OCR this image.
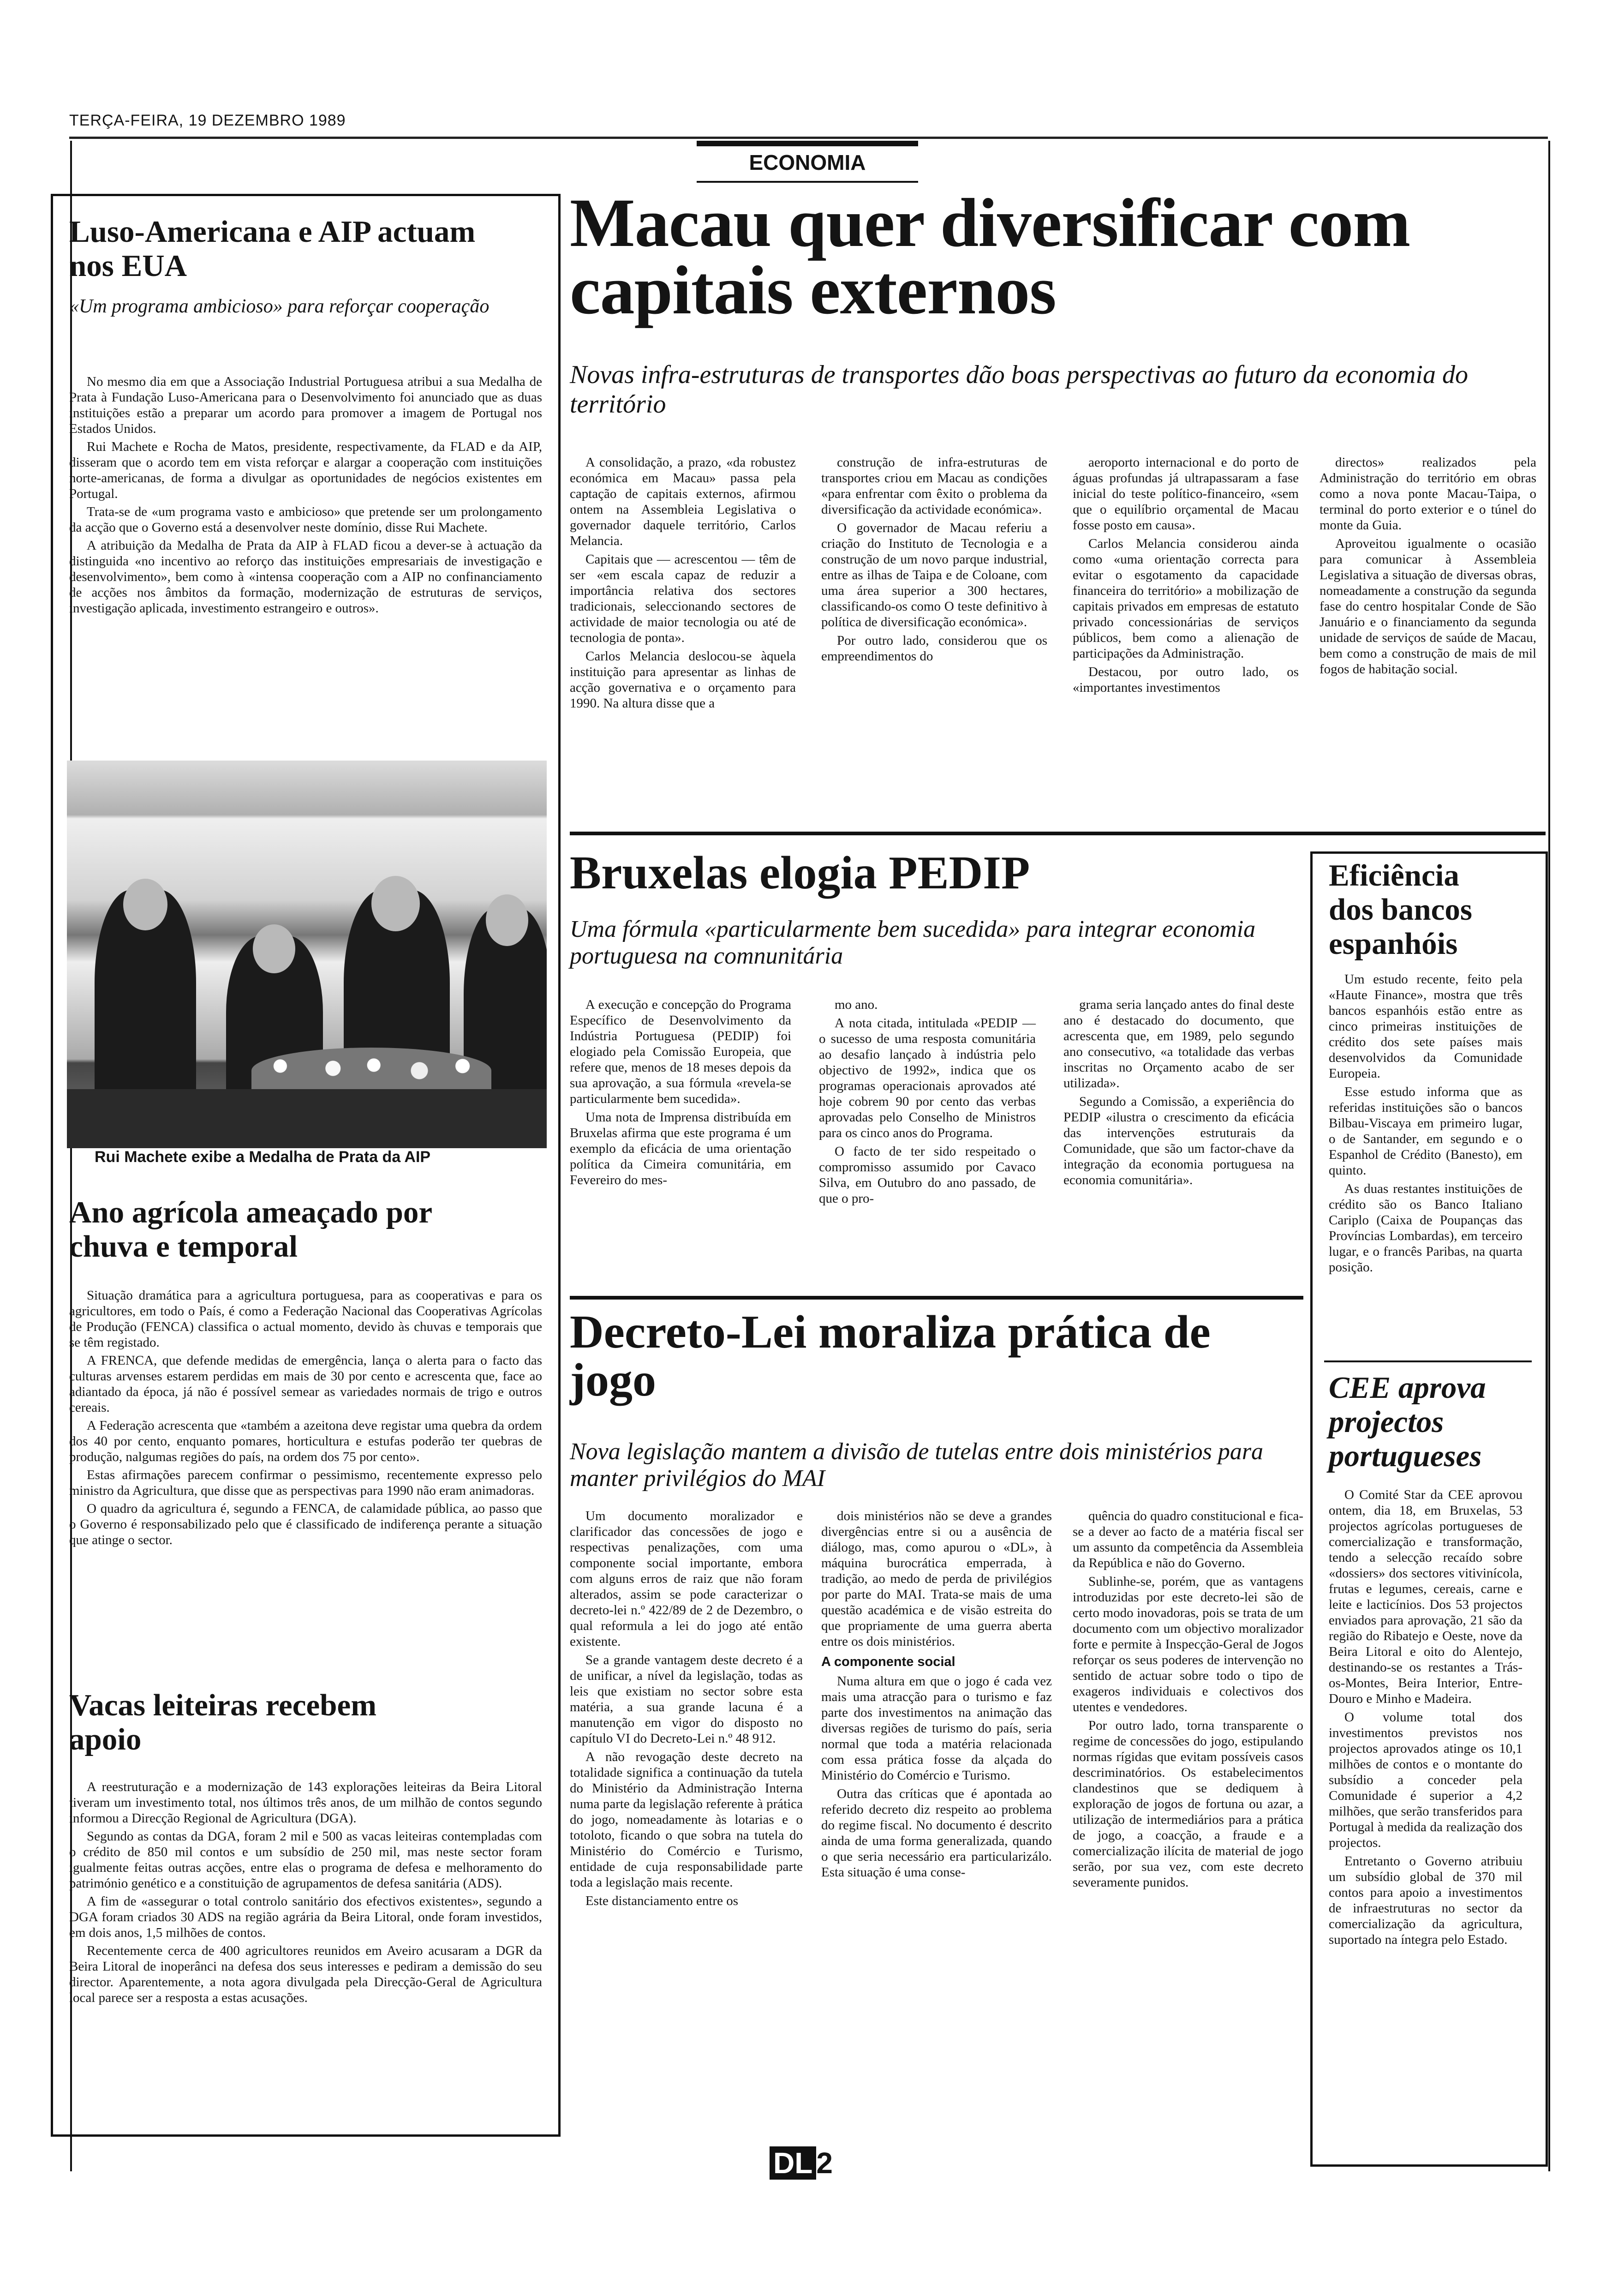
TERÇA-FEIRA, 19 DEZEMBRO 1989
ECONOMIA
Luso-Americana e AIP actuam nos EUA
«Um programa ambicioso» para reforçar cooperação

No mesmo dia em que a Associação Industrial Portuguesa atribui a sua Medalha de Prata à Fundação Luso-Americana para o Desenvolvimento foi anunciado que as duas instituições estão a preparar um acordo para promover a imagem de Portugal nos Estados Unidos.

Rui Machete e Rocha de Matos, presidente, respectivamente, da FLAD e da AIP, disseram que o acordo tem em vista reforçar e alargar a cooperação com instituições norte-americanas, de forma a divulgar as oportunidades de negócios existentes em Portugal.

Trata-se de «um programa vasto e ambicioso» que pretende ser um prolongamento da acção que o Governo está a desenvolver neste domínio, disse Rui Machete.

A atribuição da Medalha de Prata da AIP à FLAD ficou a dever-se à actuação da distinguida «no incentivo ao reforço das instituições empresariais de investigação e desenvolvimento», bem como à «intensa cooperação com a AIP no confinanciamento de acções nos âmbitos da formação, modernização de estruturas de serviços, investigação aplicada, investimento estrangeiro e outros».

Rui Machete exibe a Medalha de Prata da AIP
Ano agrícola ameaçado por chuva e temporal

Situação dramática para a agricultura portuguesa, para as cooperativas e para os agricultores, em todo o País, é como a Federação Nacional das Cooperativas Agrícolas de Produção (FENCA) classifica o actual momento, devido às chuvas e temporais que se têm registado.

A FRENCA, que defende medidas de emergência, lança o alerta para o facto das culturas arvenses estarem perdidas em mais de 30 por cento e acrescenta que, face ao adiantado da época, já não é possível semear as variedades normais de trigo e outros cereais.

A Federação acrescenta que «também a azeitona deve registar uma quebra da ordem dos 40 por cento, enquanto pomares, horticultura e estufas poderão ter quebras de produção, nalgumas regiões do país, na ordem dos 75 por cento».

Estas afirmações parecem confirmar o pessimismo, recentemente expresso pelo ministro da Agricultura, que disse que as perspectivas para 1990 não eram animadoras.

O quadro da agricultura é, segundo a FENCA, de calamidade pública, ao passo que o Governo é responsabilizado pelo que é classificado de indiferença perante a situação que atinge o sector.

Vacas leiteiras recebem apoio

A reestruturação e a modernização de 143 explorações leiteiras da Beira Litoral tiveram um investimento total, nos últimos três anos, de um milhão de contos segundo informou a Direcção Regional de Agricultura (DGA).

Segundo as contas da DGA, foram 2 mil e 500 as vacas leiteiras contempladas com o crédito de 850 mil contos e um subsídio de 250 mil, mas neste sector foram igualmente feitas outras acções, entre elas o programa de defesa e melhoramento do património genético e a constituição de agrupamentos de defesa sanitária (ADS).

A fim de «assegurar o total controlo sanitário dos efectivos existentes», segundo a DGA foram criados 30 ADS na região agrária da Beira Litoral, onde foram investidos, em dois anos, 1,5 milhões de contos.

Recentemente cerca de 400 agricultores reunidos em Aveiro acusaram a DGR da Beira Litoral de inoperânci na defesa dos seus interesses e pediram a demissão do seu director. Aparentemente, a nota agora divulgada pela Direcção-Geral de Agricultura local parece ser a resposta a estas acusações.

Macau quer diversificar com capitais externos
Novas infra-estruturas de transportes dão boas perspectivas ao futuro da economia do território

A consolidação, a prazo, «da robustez económica em Macau» passa pela captação de capitais externos, afirmou ontem na Assembleia Legislativa o governador daquele território, Carlos Melancia.

Capitais que — acrescentou — têm de ser «em escala capaz de reduzir a importância relativa dos sectores tradicionais, seleccionando sectores de actividade de maior tecnologia ou até de tecnologia de ponta».

Carlos Melancia deslocou-se àquela instituição para apresentar as linhas de acção governativa e o orçamento para 1990. Na altura disse que a

construção de infra-estruturas de transportes criou em Macau as condições «para enfrentar com êxito o problema da diversificação da actividade económica».

O governador de Macau referiu a criação do Instituto de Tecnologia e a construção de um novo parque industrial, entre as ilhas de Taipa e de Coloane, com uma área superior a 300 hectares, classificando-os como O teste definitivo à política de diversificação económica».

Por outro lado, considerou que os empreendimentos do

aeroporto internacional e do porto de águas profundas já ultrapassaram a fase inicial do teste político-financeiro, «sem que o equilíbrio orçamental de Macau fosse posto em causa».

Carlos Melancia considerou ainda como «uma orientação correcta para evitar o esgotamento da capacidade financeira do território» a mobilização de capitais privados em empresas de estatuto privado concessionárias de serviços públicos, bem como a alienação de participações da Administração.

Destacou, por outro lado, os «importantes investimentos

directos» realizados pela Administração do território em obras como a nova ponte Macau-Taipa, o terminal do porto exterior e o túnel do monte da Guia.

Aproveitou igualmente o ocasião para comunicar à Assembleia Legislativa a situação de diversas obras, nomeadamente a construção da segunda fase do centro hospitalar Conde de São Januário e o financiamento da segunda unidade de serviços de saúde de Macau, bem como a construção de mais de mil fogos de habitação social.

Bruxelas elogia PEDIP
Uma fórmula «particularmente bem sucedida» para integrar economia portuguesa na comnunitária

A execução e concepção do Programa Específico de Desenvolvimento da Indústria Portuguesa (PEDIP) foi elogiado pela Comissão Europeia, que refere que, menos de 18 meses depois da sua aprovação, a sua fórmula «revela-se particularmente bem sucedida».

Uma nota de Imprensa distribuída em Bruxelas afirma que este programa é um exemplo da eficácia de uma orientação política da Cimeira comunitária, em Fevereiro do mes-

mo ano.

A nota citada, intitulada «PEDIP — o sucesso de uma resposta comunitária ao desafio lançado à indústria pelo objectivo de 1992», indica que os programas operacionais aprovados até hoje cobrem 90 por cento das verbas aprovadas pelo Conselho de Ministros para os cinco anos do Programa.

O facto de ter sido respeitado o compromisso assumido por Cavaco Silva, em Outubro do ano passado, de que o pro-

grama seria lançado antes do final deste ano é destacado do documento, que acrescenta que, em 1989, pelo segundo ano consecutivo, «a totalidade das verbas inscritas no Orçamento acabo de ser utilizada».

Segundo a Comissão, a experiência do PEDIP «ilustra o crescimento da eficácia das intervenções estruturais da Comunidade, que são um factor-chave da integração da economia portuguesa na economia comunitária».

Eficiência dos bancos espanhóis

Um estudo recente, feito pela «Haute Finance», mostra que três bancos espanhóis estão entre as cinco primeiras instituições de crédito dos sete países mais desenvolvidos da Comunidade Europeia.

Esse estudo informa que as referidas instituições são o bancos Bilbau-Viscaya em primeiro lugar, o de Santander, em segundo e o Espanhol de Crédito (Banesto), em quinto.

As duas restantes instituições de crédito são os Banco Italiano Cariplo (Caixa de Poupanças das Províncias Lombardas), em terceiro lugar, e o francês Paribas, na quarta posição.

CEE aprova projectos portugueses

O Comité Star da CEE aprovou ontem, dia 18, em Bruxelas, 53 projectos agrícolas portugueses de comercialização e transformação, tendo a selecção recaído sobre «dossiers» dos sectores vitivinícola, frutas e legumes, cereais, carne e leite e lacticínios. Dos 53 projectos enviados para aprovação, 21 são da região do Ribatejo e Oeste, nove da Beira Litoral e oito do Alentejo, destinando-se os restantes a Trás-os-Montes, Beira Interior, Entre-Douro e Minho e Madeira.

O volume total dos investimentos previstos nos projectos aprovados atinge os 10,1 milhões de contos e o montante do subsídio a conceder pela Comunidade é superior a 4,2 milhões, que serão transferidos para Portugal à medida da realização dos projectos.

Entretanto o Governo atribuiu um subsídio global de 370 mil contos para apoio a investimentos de infraestruturas no sector da comercialização da agricultura, suportado na íntegra pelo Estado.

Decreto-Lei moraliza prática de jogo
Nova legislação mantem a divisão de tutelas entre dois ministérios para manter privilégios do MAI

Um documento moralizador e clarificador das concessões de jogo e respectivas penalizações, com uma componente social importante, embora com alguns erros de raiz que não foram alterados, assim se pode caracterizar o decreto-lei n.º 422/89 de 2 de Dezembro, o qual reformula a lei do jogo até então existente.

Se a grande vantagem deste decreto é a de unificar, a nível da legislação, todas as leis que existiam no sector sobre esta matéria, a sua grande lacuna é a manutenção em vigor do disposto no capítulo VI do Decreto-Lei n.º 48 912.

A não revogação deste decreto na totalidade significa a continuação da tutela do Ministério da Administração Interna numa parte da legislação referente à prática do jogo, nomeadamente às lotarias e o totoloto, ficando o que sobra na tutela do Ministério do Comércio e Turismo, entidade de cuja responsabilidade parte toda a legislação mais recente.

Este distanciamento entre os

dois ministérios não se deve a grandes divergências entre si ou a ausência de diálogo, mas, como apurou o «DL», à máquina burocrática emperrada, à tradição, ao medo de perda de privilégios por parte do MAI. Trata-se mais de uma questão académica e de visão estreita do que propriamente de uma guerra aberta entre os dois ministérios.

A componente social

Numa altura em que o jogo é cada vez mais uma atracção para o turismo e faz parte dos investimentos na animação das diversas regiões de turismo do país, seria normal que toda a matéria relacionada com essa prática fosse da alçada do Ministério do Comércio e Turismo.

Outra das críticas que é apontada ao referido decreto diz respeito ao problema do regime fiscal. No documento é descrito ainda de uma forma generalizada, quando o que seria necessário era particularizálo. Esta situação é uma conse-

quência do quadro constitucional e fica-se a dever ao facto de a matéria fiscal ser um assunto da competência da Assembleia da República e não do Governo.

Sublinhe-se, porém, que as vantagens introduzidas por este decreto-lei são de certo modo inovadoras, pois se trata de um documento com um objectivo moralizador forte e permite à Inspecção-Geral de Jogos reforçar os seus poderes de intervenção no sentido de actuar sobre todo o tipo de exageros individuais e colectivos dos utentes e vendedores.

Por outro lado, torna transparente o regime de concessões do jogo, estipulando normas rígidas que evitam possíveis casos descriminatórios. Os estabelecimentos clandestinos que se dediquem à exploração de jogos de fortuna ou azar, a utilização de intermediários para a prática de jogo, a coacção, a fraude e a comercialização ilícita de material de jogo serão, por sua vez, com este decreto severamente punidos.

DL 2
